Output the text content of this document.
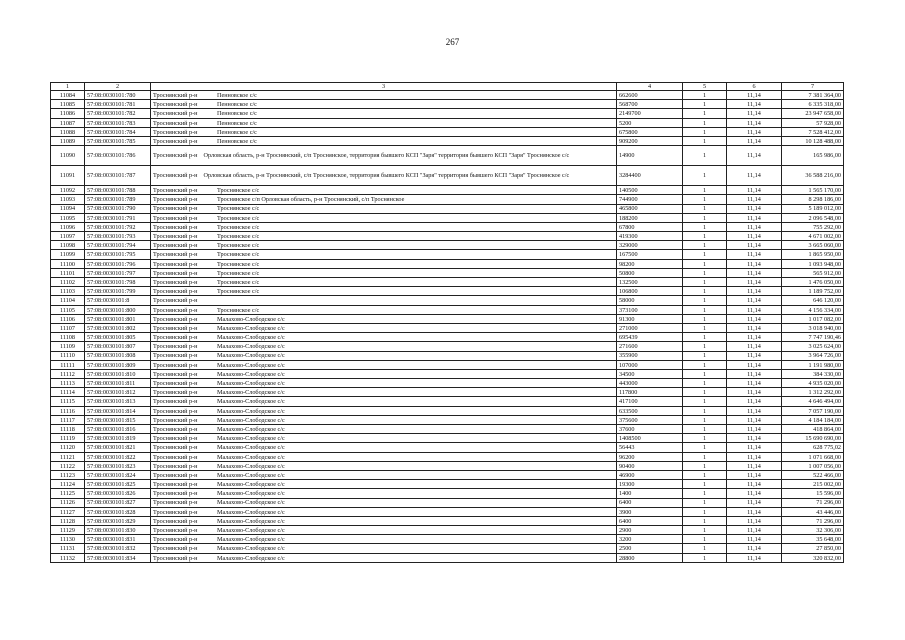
267
1	2	3	4	5	6	7
11084	57:08:0030101:780	Троснянский р-н Пенновское с/с	662600	1	11,14	7 381 364,00
11085	57:08:0030101:781	Троснянский р-н Пенновское с/с	568700	1	11,14	6 335 318,00
11086	57:08:0030101:782	Троснянский р-н Пенновское с/с	2149700	1	11,14	23 947 658,00
11087	57:08:0030101:783	Троснянский р-н Пенновское с/с	5200	1	11,14	57 928,00
11088	57:08:0030101:784	Троснянский р-н Пенновское с/с	675800	1	11,14	7 528 412,00
11089	57:08:0030101:785	Троснянский р-н Пенновское с/с	909200	1	11,14	10 128 488,00
11090	57:08:0030101:786	Троснянский р-н Орловская область, р-н Троснянский, с/п Троснянское, территория бывшего КСП "Заря" территория бывшего КСП "Заря" Троснянское с/с	14900	1	11,14	165 986,00
11091	57:08:0030101:787	Троснянский р-н Орловская область, р-н Троснянский, с/п Троснянское, территория бывшего КСП "Заря" территория бывшего КСП "Заря" Троснянское с/с	3284400	1	11,14	36 588 216,00
11092	57:08:0030101:788	Троснянский р-н Троснянское с/с	140500	1	11,14	1 565 170,00
11093	57:08:0030101:789	Троснянский р-н Троснянское с/п Орловская область, р-н Троснянский, с/п Троснянское	744900	1	11,14	8 298 186,00
11094	57:08:0030101:790	Троснянский р-н Троснянское с/с	465800	1	11,14	5 189 012,00
11095	57:08:0030101:791	Троснянский р-н Троснянское с/с	188200	1	11,14	2 096 548,00
11096	57:08:0030101:792	Троснянский р-н Троснянское с/с	67800	1	11,14	755 292,00
11097	57:08:0030101:793	Троснянский р-н Троснянское с/с	419300	1	11,14	4 671 002,00
11098	57:08:0030101:794	Троснянский р-н Троснянское с/с	329000	1	11,14	3 665 060,00
11099	57:08:0030101:795	Троснянский р-н Троснянское с/с	167500	1	11,14	1 865 950,00
11100	57:08:0030101:796	Троснянский р-н Троснянское с/с	98200	1	11,14	1 093 948,00
11101	57:08:0030101:797	Троснянский р-н Троснянское с/с	50800	1	11,14	565 912,00
11102	57:08:0030101:798	Троснянский р-н Троснянское с/с	132500	1	11,14	1 476 050,00
11103	57:08:0030101:799	Троснянский р-н Троснянское с/с	106800	1	11,14	1 189 752,00
11104	57:08:0030101:8	Троснянский р-н	58000	1	11,14	646 120,00
11105	57:08:0030101:800	Троснянский р-н Троснянское с/с	373100	1	11,14	4 156 334,00
11106	57:08:0030101:801	Троснянский р-н Малахово-Слободское с/с	91300	1	11,14	1 017 082,00
11107	57:08:0030101:802	Троснянский р-н Малахово-Слободское с/с	271000	1	11,14	3 018 940,00
11108	57:08:0030101:805	Троснянский р-н Малахово-Слободское с/с	695439	1	11,14	7 747 190,46
11109	57:08:0030101:807	Троснянский р-н Малахово-Слободское с/с	271600	1	11,14	3 025 624,00
11110	57:08:0030101:808	Троснянский р-н Малахово-Слободское с/с	355900	1	11,14	3 964 726,00
11111	57:08:0030101:809	Троснянский р-н Малахово-Слободское с/с	107000	1	11,14	1 191 980,00
11112	57:08:0030101:810	Троснянский р-н Малахово-Слободское с/с	34500	1	11,14	384 330,00
11113	57:08:0030101:811	Троснянский р-н Малахово-Слободское с/с	443000	1	11,14	4 935 020,00
11114	57:08:0030101:812	Троснянский р-н Малахово-Слободское с/с	117800	1	11,14	1 312 292,00
11115	57:08:0030101:813	Троснянский р-н Малахово-Слободское с/с	417100	1	11,14	4 646 494,00
11116	57:08:0030101:814	Троснянский р-н Малахово-Слободское с/с	633500	1	11,14	7 057 190,00
11117	57:08:0030101:815	Троснянский р-н Малахово-Слободское с/с	375600	1	11,14	4 184 184,00
11118	57:08:0030101:816	Троснянский р-н Малахово-Слободское с/с	37600	1	11,14	418 864,00
11119	57:08:0030101:819	Троснянский р-н Малахово-Слободское с/с	1408500	1	11,14	15 690 690,00
11120	57:08:0030101:821	Троснянский р-н Малахово-Слободское с/с	56443	1	11,14	628 775,02
11121	57:08:0030101:822	Троснянский р-н Малахово-Слободское с/с	96200	1	11,14	1 071 668,00
11122	57:08:0030101:823	Троснянский р-н Малахово-Слободское с/с	90400	1	11,14	1 007 056,00
11123	57:08:0030101:824	Троснянский р-н Малахово-Слободское с/с	46900	1	11,14	522 466,00
11124	57:08:0030101:825	Троснянский р-н Малахово-Слободское с/с	19300	1	11,14	215 002,00
11125	57:08:0030101:826	Троснянский р-н Малахово-Слободское с/с	1400	1	11,14	15 596,00
11126	57:08:0030101:827	Троснянский р-н Малахово-Слободское с/с	6400	1	11,14	71 296,00
11127	57:08:0030101:828	Троснянский р-н Малахово-Слободское с/с	3900	1	11,14	43 446,00
11128	57:08:0030101:829	Троснянский р-н Малахово-Слободское с/с	6400	1	11,14	71 296,00
11129	57:08:0030101:830	Троснянский р-н Малахово-Слободское с/с	2900	1	11,14	32 306,00
11130	57:08:0030101:831	Троснянский р-н Малахово-Слободское с/с	3200	1	11,14	35 648,00
11131	57:08:0030101:832	Троснянский р-н Малахово-Слободское с/с	2500	1	11,14	27 850,00
11132	57:08:0030101:834	Троснянский р-н Малахово-Слободское с/с	28800	1	11,14	320 832,00
